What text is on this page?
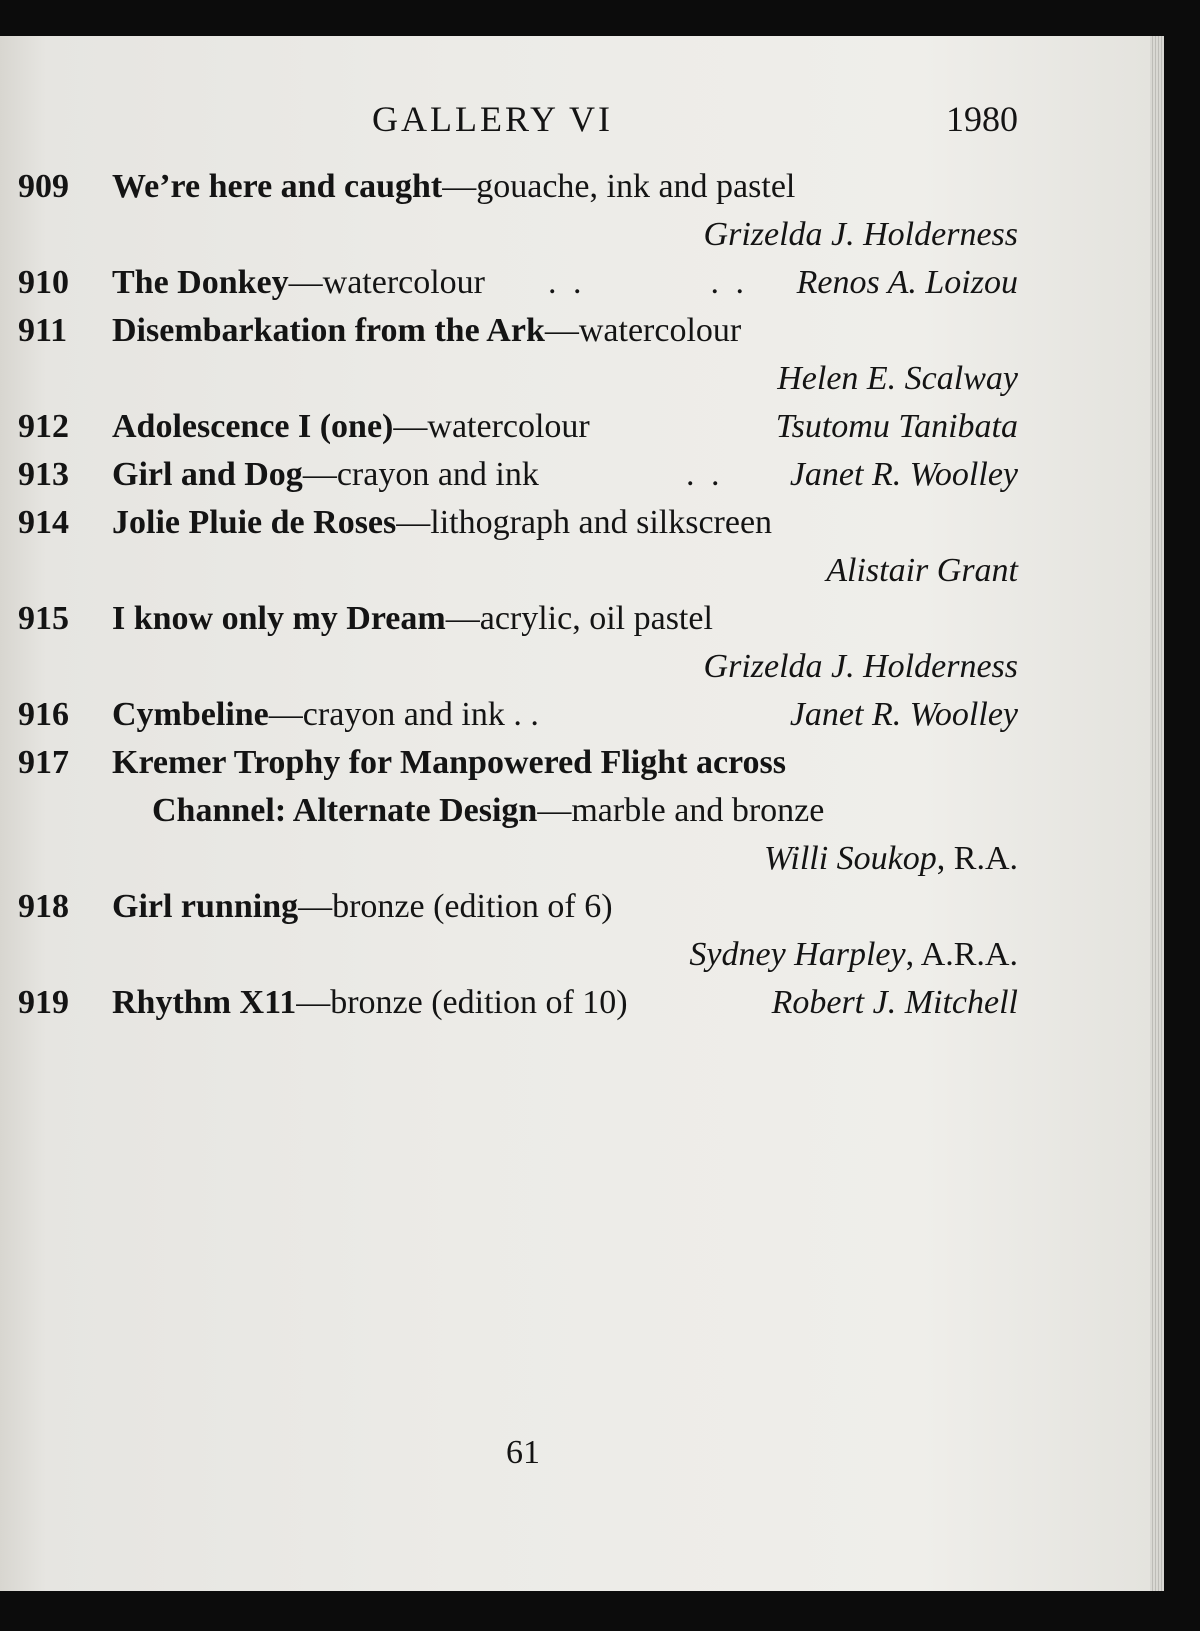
GALLERY VI	1980
909 We’re here and caught—gouache, ink and pastel
Grizelda J. Holderness
910 The Donkey—watercolour . .          . . Renos A. Loizou
911 Disembarkation from the Ark—watercolour
Helen E. Scalway
912 Adolescence I (one)—watercolour	Tsutomu Tanibata
913 Girl and Dog—crayon and ink	. . Janet R. Woolley
914 Jolie Pluie de Roses—lithograph and silkscreen
Alistair Grant
915 I know only my Dream—acrylic, oil pastel
Grizelda J. Holderness
916 Cymbeline—crayon and ink . .	Janet R. Woolley
917 Kremer Trophy for Manpowered Flight across
Channel: Alternate Design—marble and bronze
Willi Soukop, R.A.
918 Girl running—bronze (edition of 6)
Sydney Harpley, A.R.A.
919 Rhythm X11—bronze (edition of 10)	Robert J. Mitchell
61
